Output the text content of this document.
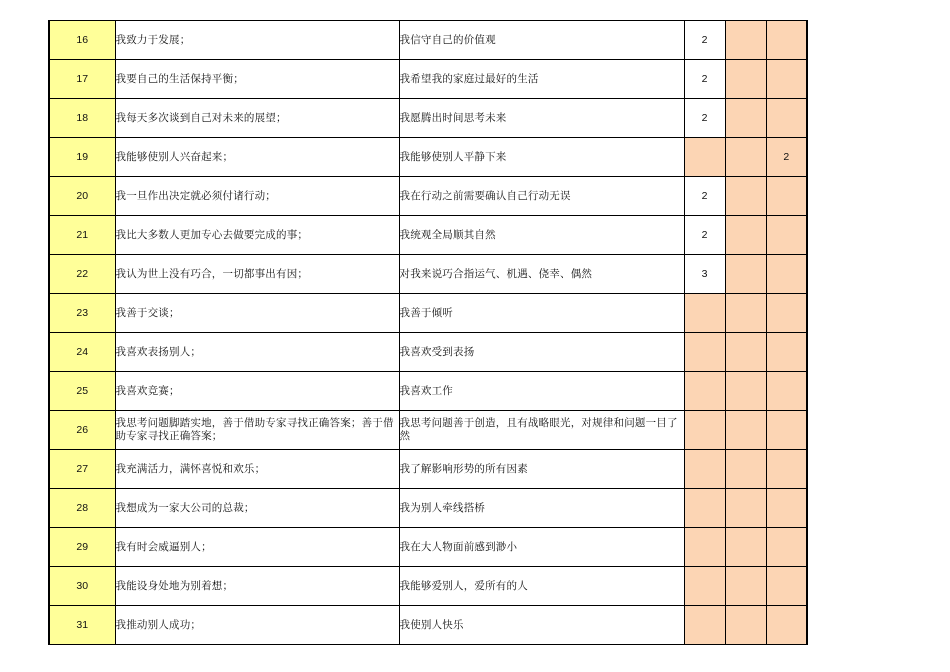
16	我致力于发展；	我信守自己的价值观	2		
17	我要自己的生活保持平衡；	我希望我的家庭过最好的生活	2		
18	我每天多次谈到自己对未来的展望；	我愿腾出时间思考未来	2		
19	我能够使别人兴奋起来；	我能够使别人平静下来			2
20	我一旦作出决定就必须付诸行动；	我在行动之前需要确认自己行动无误	2		
21	我比大多数人更加专心去做要完成的事；	我统观全局顺其自然	2		
22	我认为世上没有巧合，一切都事出有因；	对我来说巧合指运气、机遇、侥幸、偶然	3		
23	我善于交谈；	我善于倾听			
24	我喜欢表扬别人；	我喜欢受到表扬			
25	我喜欢竞赛；	我喜欢工作			
26	我思考问题脚踏实地，善于借助专家寻找正确答案；善于借助专家寻找正确答案；	我思考问题善于创造，且有战略眼光，对规律和问题一目了然			
27	我充满活力，满怀喜悦和欢乐；	我了解影响形势的所有因素			
28	我想成为一家大公司的总裁；	我为别人牵线搭桥			
29	我有时会威逼别人；	我在大人物面前感到渺小			
30	我能设身处地为别着想；	我能够爱别人，爱所有的人			
31	我推动别人成功；	我使别人快乐			
